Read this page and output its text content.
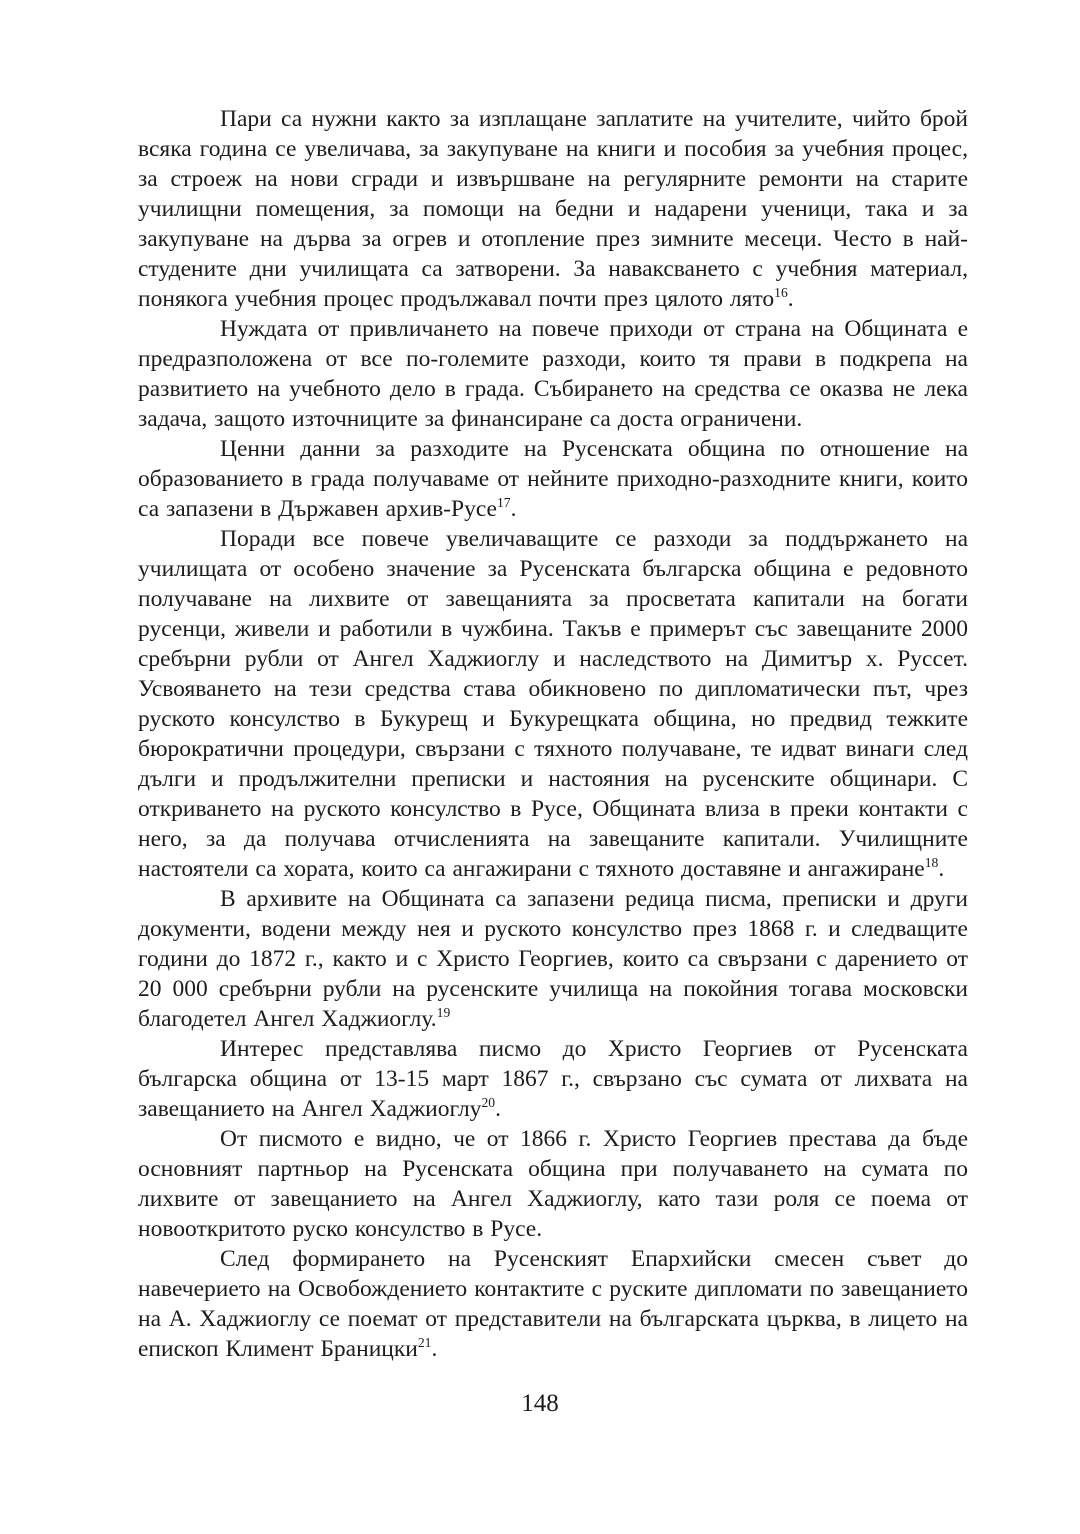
Пари са нужни както за изплащане заплатите на учителите, чийто брой всяка година се увеличава, за закупуване на книги и пособия за учебния процес, за строеж на нови сгради и извършване на регулярните ремонти на старите училищни помещения, за помощи на бедни и надарени ученици, така и за закупуване на дърва за огрев и отопление през зимните месеци. Често в най-студените дни училищата са затворени. За наваксването с учебния материал, понякога учебния процес продължавал почти през цялото лято$^{16}$.

Нуждата от привличането на повече приходи от страна на Общината е предразположена от все по-големите разходи, които тя прави в подкрепа на развитието на учебното дело в града. Събирането на средства се оказва не лека задача, защото източниците за финансиране са доста ограничени.

Ценни данни за разходите на Русенската община по отношение на образованието в града получаваме от нейните приходно-разходните книги, които са запазени в Държавен архив-Русе$^{17}$.

Поради все повече увеличаващите се разходи за поддържането на училищата от особено значение за Русенската българска община е редовното получаване на лихвите от завещанията за просветата капитали на богати русенци, живели и работили в чужбина. Такъв е примерът със завещаните 2000 сребърни рубли от Ангел Хаджиоглу и наследството на Димитър х. Руссет. Усвояването на тези средства става обикновено по дипломатически път, чрез руското консулство в Букурещ и Букурещката община, но предвид тежките бюрократични процедури, свързани с тяхното получаване, те идват винаги след дълги и продължителни преписки и настояния на русенските общинари. С откриването на руското консулство в Русе, Общината влиза в преки контакти с него, за да получава отчисленията на завещаните капитали. Училищните настоятели са хората, които са ангажирани с тяхното доставяне и ангажиране$^{18}$.

В архивите на Общината са запазени редица писма, преписки и други документи, водени между нея и руското консулство през 1868 г. и следващите години до 1872 г., както и с Христо Георгиев, които са свързани с дарението от 20 000 сребърни рубли на русенските училища на покойния тогава московски благодетел Ангел Хаджиоглу.$^{19}$

Интерес представлява писмо до Христо Георгиев от Русенската българска община от 13-15 март 1867 г., свързано със сумата от лихвата на завещанието на Ангел Хаджиоглу$^{20}$.

От писмото е видно, че от 1866 г. Христо Георгиев престава да бъде основният партньор на Русенската община при получаването на сумата по лихвите от завещанието на Ангел Хаджиоглу, като тази роля се поема от новооткритото руско консулство в Русе.

След формирането на Русенският Епархийски смесен съвет до навечерието на Освобождението контактите с руските дипломати по завещанието на А. Хаджиоглу се поемат от представители на българската църква, в лицето на епископ Климент Браницки$^{21}$.

148
